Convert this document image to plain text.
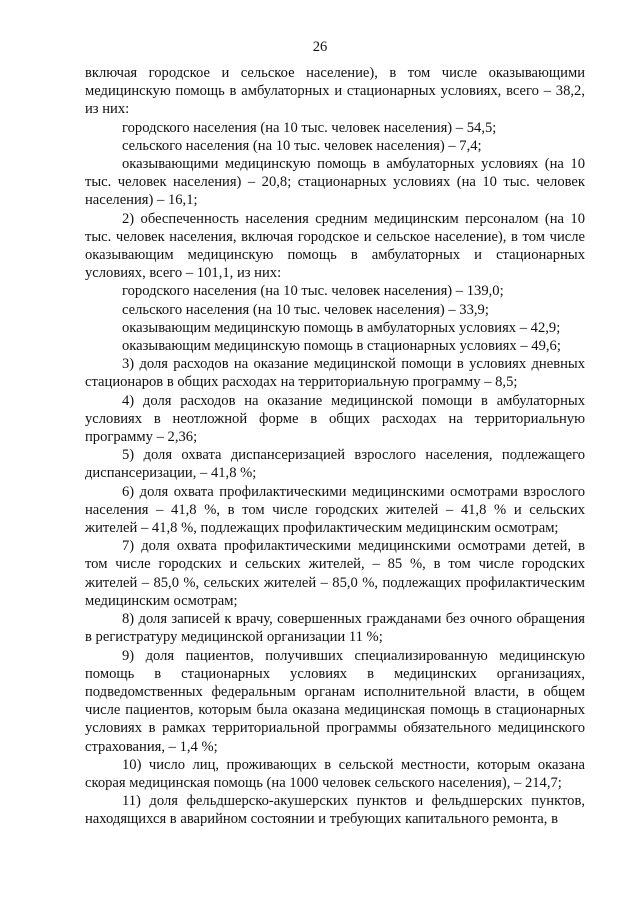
26

включая городское и сельское население), в том числе оказывающими медицинскую помощь в амбулаторных и стационарных условиях, всего – 38,2, из них:

городского населения (на 10 тыс. человек населения) – 54,5;

сельского населения (на 10 тыс. человек населения) – 7,4;

оказывающими медицинскую помощь в амбулаторных условиях (на 10 тыс. человек населения) – 20,8; стационарных условиях (на 10 тыс. человек населения) – 16,1;

2) обеспеченность населения средним медицинским персоналом (на 10 тыс. человек населения, включая городское и сельское население), в том числе оказывающим медицинскую помощь в амбулаторных и стационарных условиях, всего – 101,1, из них:

городского населения (на 10 тыс. человек населения) – 139,0;

сельского населения (на 10 тыс. человек населения) – 33,9;

оказывающим медицинскую помощь в амбулаторных условиях – 42,9;

оказывающим медицинскую помощь в стационарных условиях – 49,6;

3) доля расходов на оказание медицинской помощи в условиях дневных стационаров в общих расходах на территориальную программу – 8,5;

4) доля расходов на оказание медицинской помощи в амбулаторных условиях в неотложной форме в общих расходах на территориальную программу – 2,36;

5) доля охвата диспансеризацией взрослого населения, подлежащего диспансеризации, – 41,8 %;

6) доля охвата профилактическими медицинскими осмотрами взрослого населения – 41,8 %, в том числе городских жителей – 41,8 % и сельских жителей – 41,8 %, подлежащих профилактическим медицинским осмотрам;

7) доля охвата профилактическими медицинскими осмотрами детей, в том числе городских и сельских жителей, – 85 %, в том числе городских жителей – 85,0 %, сельских жителей – 85,0 %, подлежащих профилактическим медицинским осмотрам;

8) доля записей к врачу, совершенных гражданами без очного обращения в регистратуру медицинской организации 11 %;

9) доля пациентов, получивших специализированную медицинскую помощь в стационарных условиях в медицинских организациях, подведомственных федеральным органам исполнительной власти, в общем числе пациентов, которым была оказана медицинская помощь в стационарных условиях в рамках территориальной программы обязательного медицинского страхования, – 1,4 %;

10) число лиц, проживающих в сельской местности, которым оказана скорая медицинская помощь (на 1000 человек сельского населения), – 214,7;

11) доля фельдшерско-акушерских пунктов и фельдшерских пунктов, находящихся в аварийном состоянии и требующих капитального ремонта, в
